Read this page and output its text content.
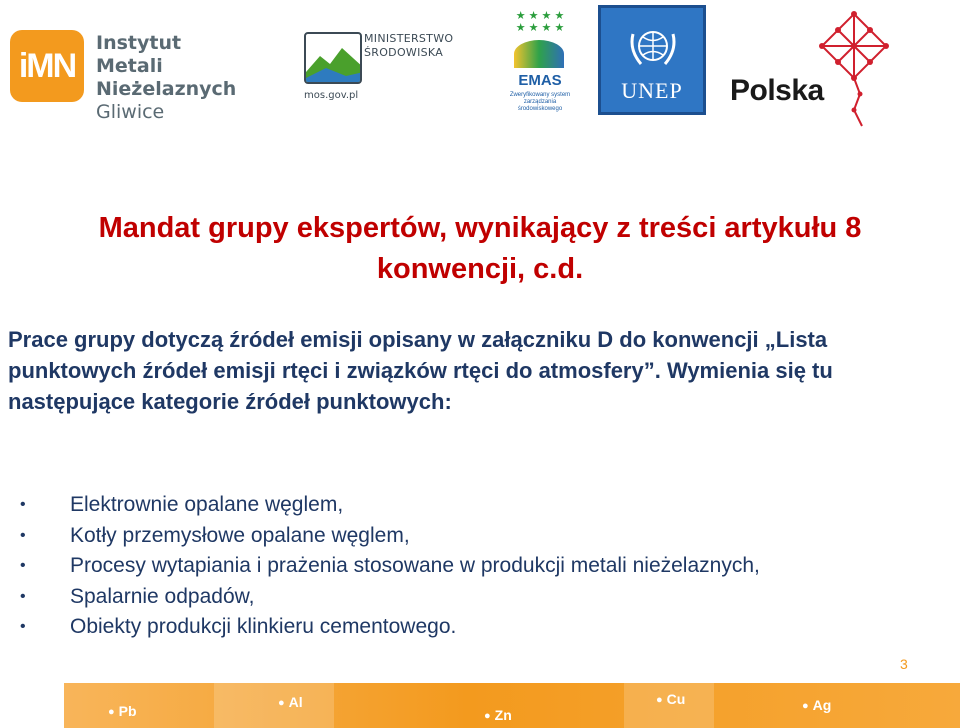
iMN
Instytut
Metali Nieżelaznych
Gliwice
MINISTERSTWO
ŚRODOWISKA
mos.gov.pl
★ ★ ★ ★
★ ★ ★ ★
EMAS
Zweryfikowany system zarządzania środowiskowego
UNEP	Polska
Mandat grupy ekspertów, wynikający z treści artykułu 8
konwencji, c.d.

Prace grupy dotyczą źródeł emisji opisany w załączniku D do konwencji „Lista punktowych źródeł emisji rtęci i związków rtęci do atmosfery”. Wymienia się tu następujące kategorie źródeł punktowych:

• Elektrownie opalane węglem,
• Kotły przemysłowe opalane węglem,
• Procesy wytapiania i prażenia stosowane w produkcji metali nieżelaznych,
• Spalarnie odpadów,
• Obiekty produkcji klinkieru cementowego.
3
● Pb	● Al
● Zn
● Cu	● Ag
